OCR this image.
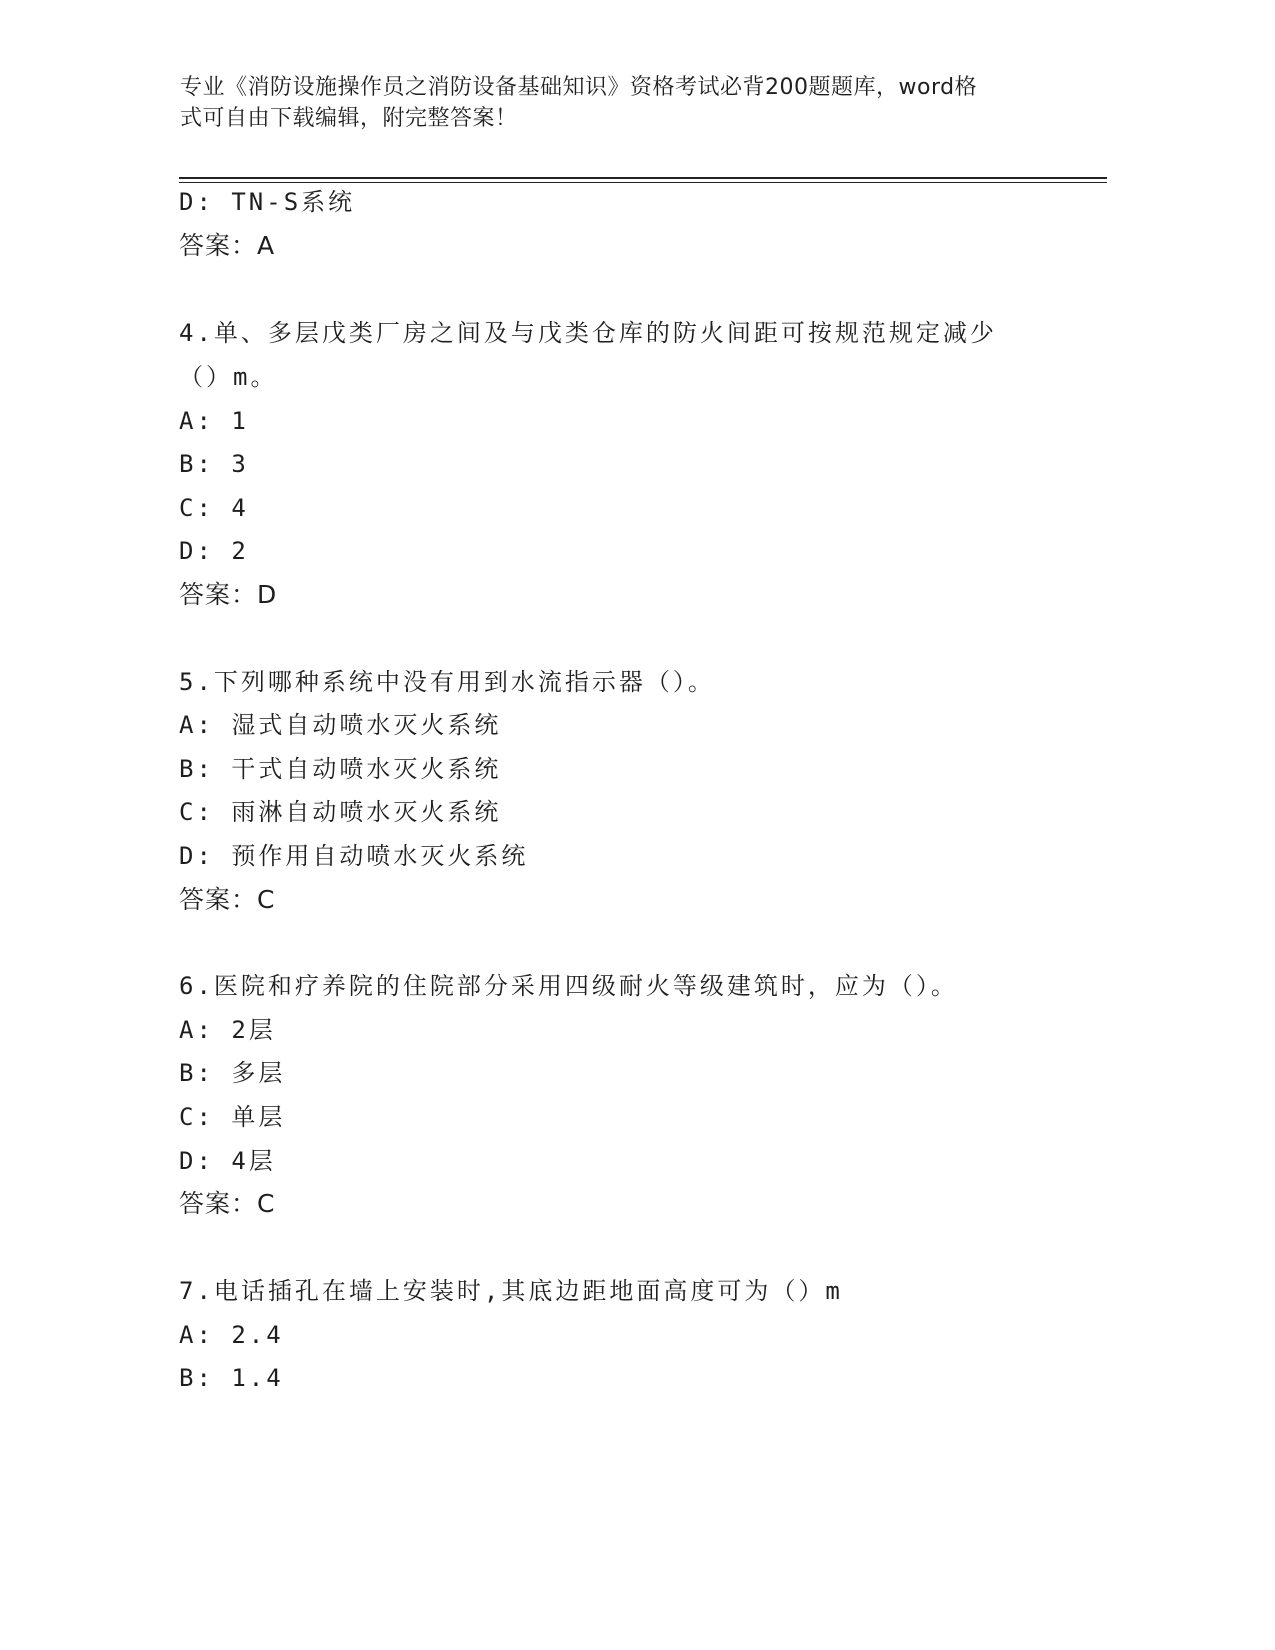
专业《消防设施操作员之消防设备基础知识》资格考试必背200题题库，word格
式可自由下载编辑，附完整答案！
D: TN-S系统
答案：A
4.单、多层戊类厂房之间及与戊类仓库的防火间距可按规范规定减少
（）m。
A: 1
B: 3
C: 4
D: 2
答案：D
5.下列哪种系统中没有用到水流指示器（）。
A: 湿式自动喷水灭火系统
B: 干式自动喷水灭火系统
C: 雨淋自动喷水灭火系统
D: 预作用自动喷水灭火系统
答案：C
6.医院和疗养院的住院部分采用四级耐火等级建筑时，应为（）。
A: 2层
B: 多层
C: 单层
D: 4层
答案：C
7.电话插孔在墙上安装时,其底边距地面高度可为（）m
A: 2.4
B: 1.4
